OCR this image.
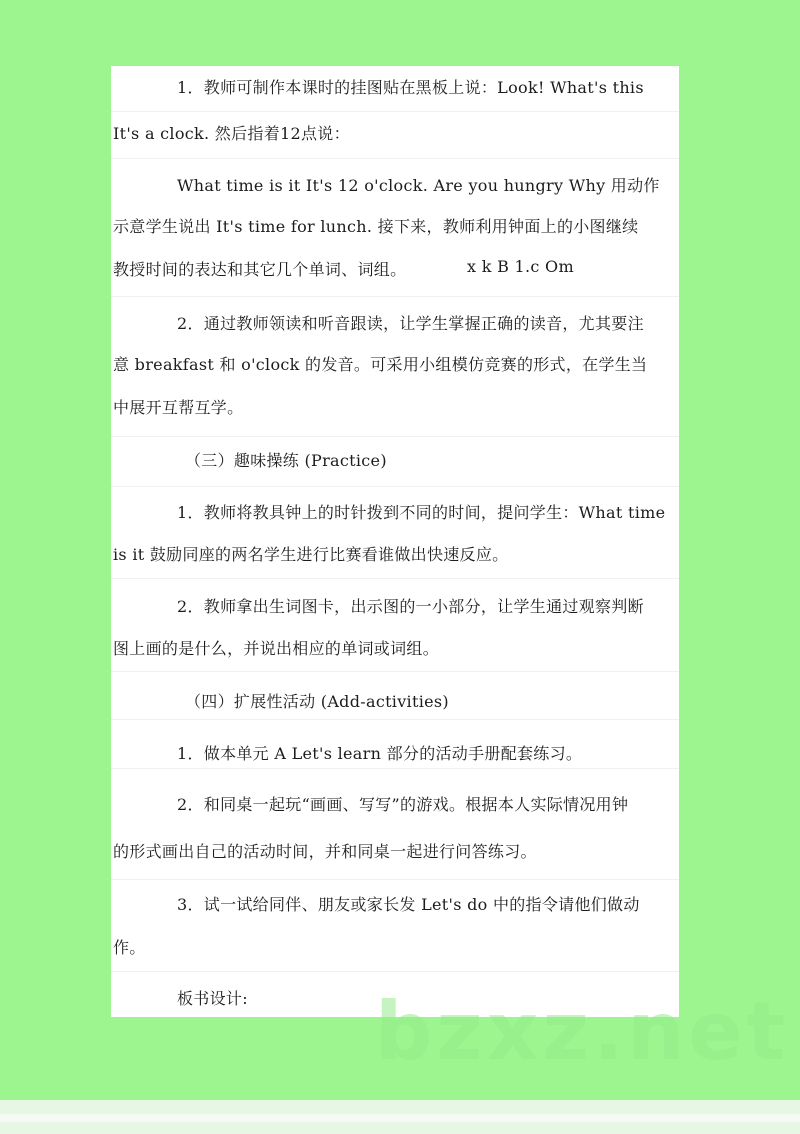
1．教师可制作本课时的挂图贴在黑板上说：Look! What's this
It's a clock. 然后指着12点说：
What time is it It's 12 o'clock. Are you hungry Why 用动作
示意学生说出 It's time for lunch. 接下来，教师利用钟面上的小图继续
教授时间的表达和其它几个单词、词组。	x k B 1.c Om
2．通过教师领读和听音跟读，让学生掌握正确的读音，尤其要注
意 breakfast 和 o'clock 的发音。可采用小组模仿竞赛的形式，在学生当
中展开互帮互学。
（三）趣味操练 (Practice)
1．教师将教具钟上的时针拨到不同的时间，提问学生：What time
is it 鼓励同座的两名学生进行比赛看谁做出快速反应。
2．教师拿出生词图卡，出示图的一小部分，让学生通过观察判断
图上画的是什么，并说出相应的单词或词组。
（四）扩展性活动 (Add-activities)
1．做本单元 A Let's learn 部分的活动手册配套练习。
2．和同桌一起玩“画画、写写”的游戏。根据本人实际情况用钟
的形式画出自己的活动时间，并和同桌一起进行问答练习。
3．试一试给同伴、朋友或家长发 Let's do 中的指令请他们做动
作。
板书设计: bzxz.net
